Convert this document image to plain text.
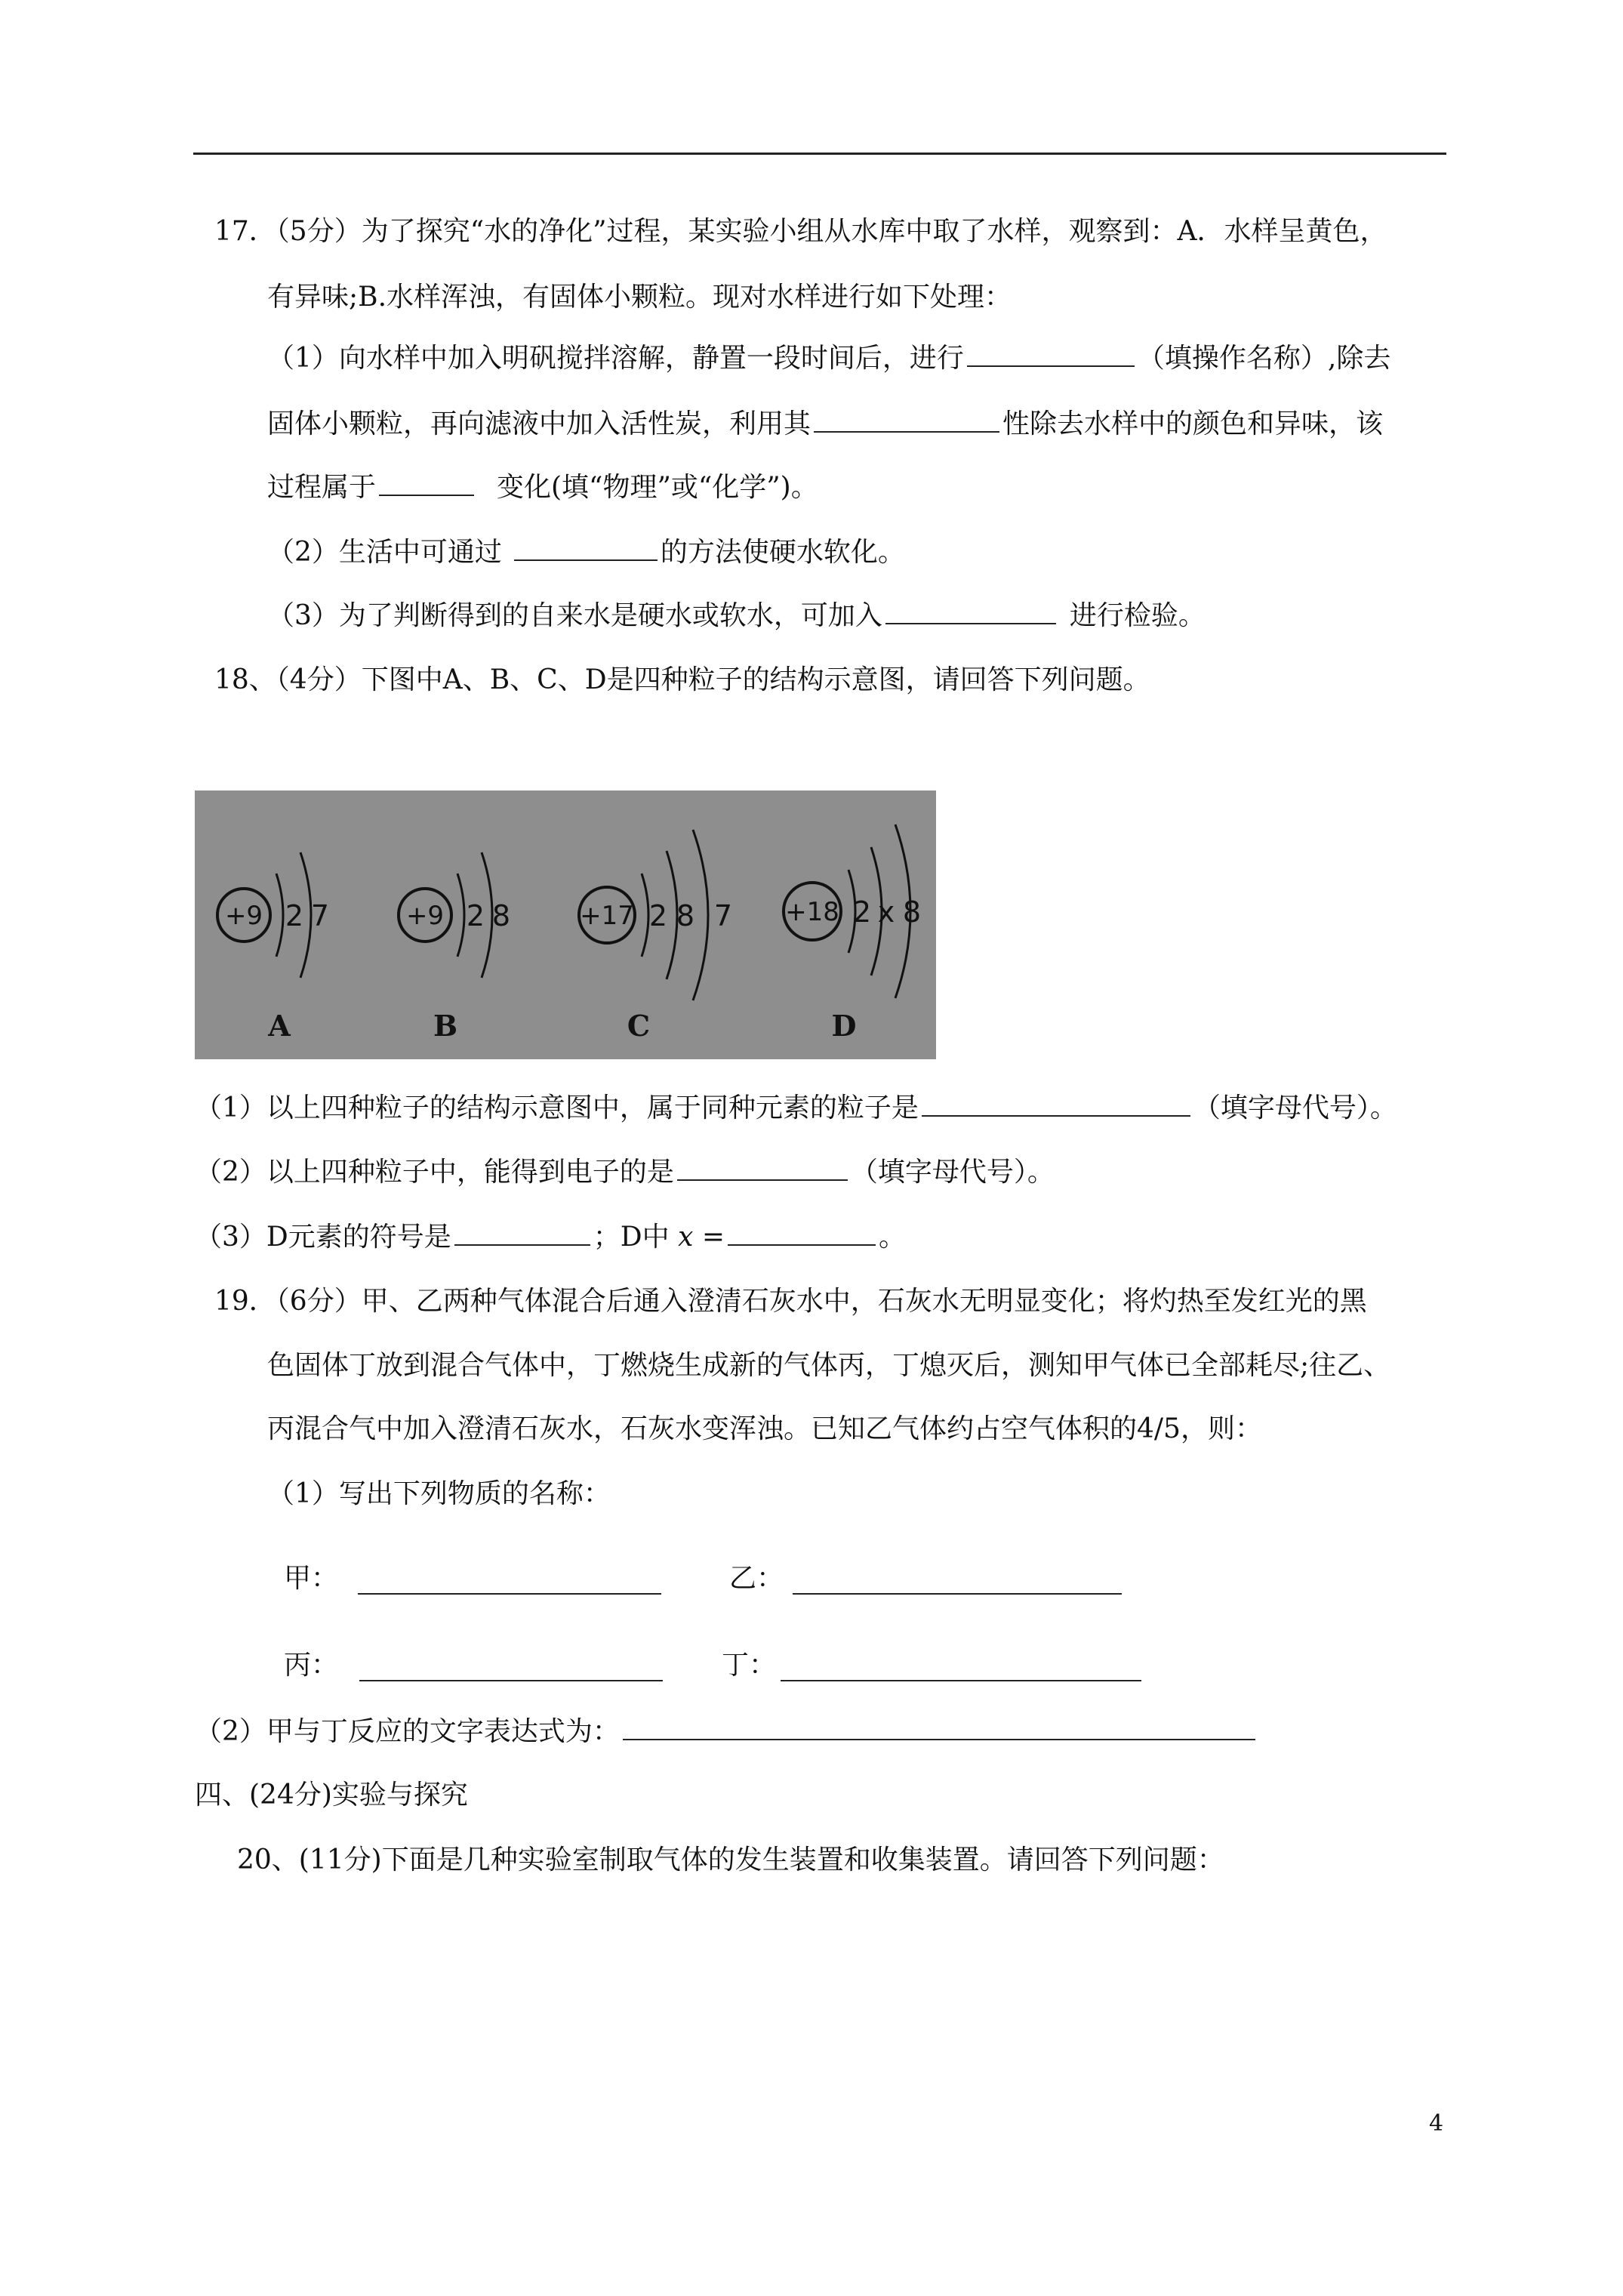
17．（5分）为了探究“水的净化”过程，某实验小组从水库中取了水样，观察到：A．水样呈黄色，
有异味;B.水样浑浊，有固体小颗粒。现对水样进行如下处理：
（1）向水样中加入明矾搅拌溶解，静置一段时间后，进行	（填操作名称）,除去
固体小颗粒，再向滤液中加入活性炭，利用其	性除去水样中的颜色和异味，该
过程属于	变化(填“物理”或“化学”)。
（2）生活中可通过	的方法使硬水软化。
（3）为了判断得到的自来水是硬水或软水，可加入	进行检验。
18、（4分）下图中A、B、C、D是四种粒子的结构示意图，请回答下列问题。
+9 2 7
A
+9 2 8
B
+17 2 8 7
C
+18 2 x 8
D
（1）以上四种粒子的结构示意图中，属于同种元素的粒子是	（填字母代号）。
（2）以上四种粒子中，能得到电子的是	（填字母代号）。
（3）D元素的符号是	；D中 x =	。
19．（6分）甲、乙两种气体混合后通入澄清石灰水中，石灰水无明显变化；将灼热至发红光的黑
色固体丁放到混合气体中，丁燃烧生成新的气体丙，丁熄灭后，测知甲气体已全部耗尽;往乙、
丙混合气中加入澄清石灰水，石灰水变浑浊。已知乙气体约占空气体积的4/5，则：
（1）写出下列物质的名称：
甲：	乙：
丙：	丁：
（2）甲与丁反应的文字表达式为：
四、(24分)实验与探究
20、(11分)下面是几种实验室制取气体的发生装置和收集装置。请回答下列问题：
4
